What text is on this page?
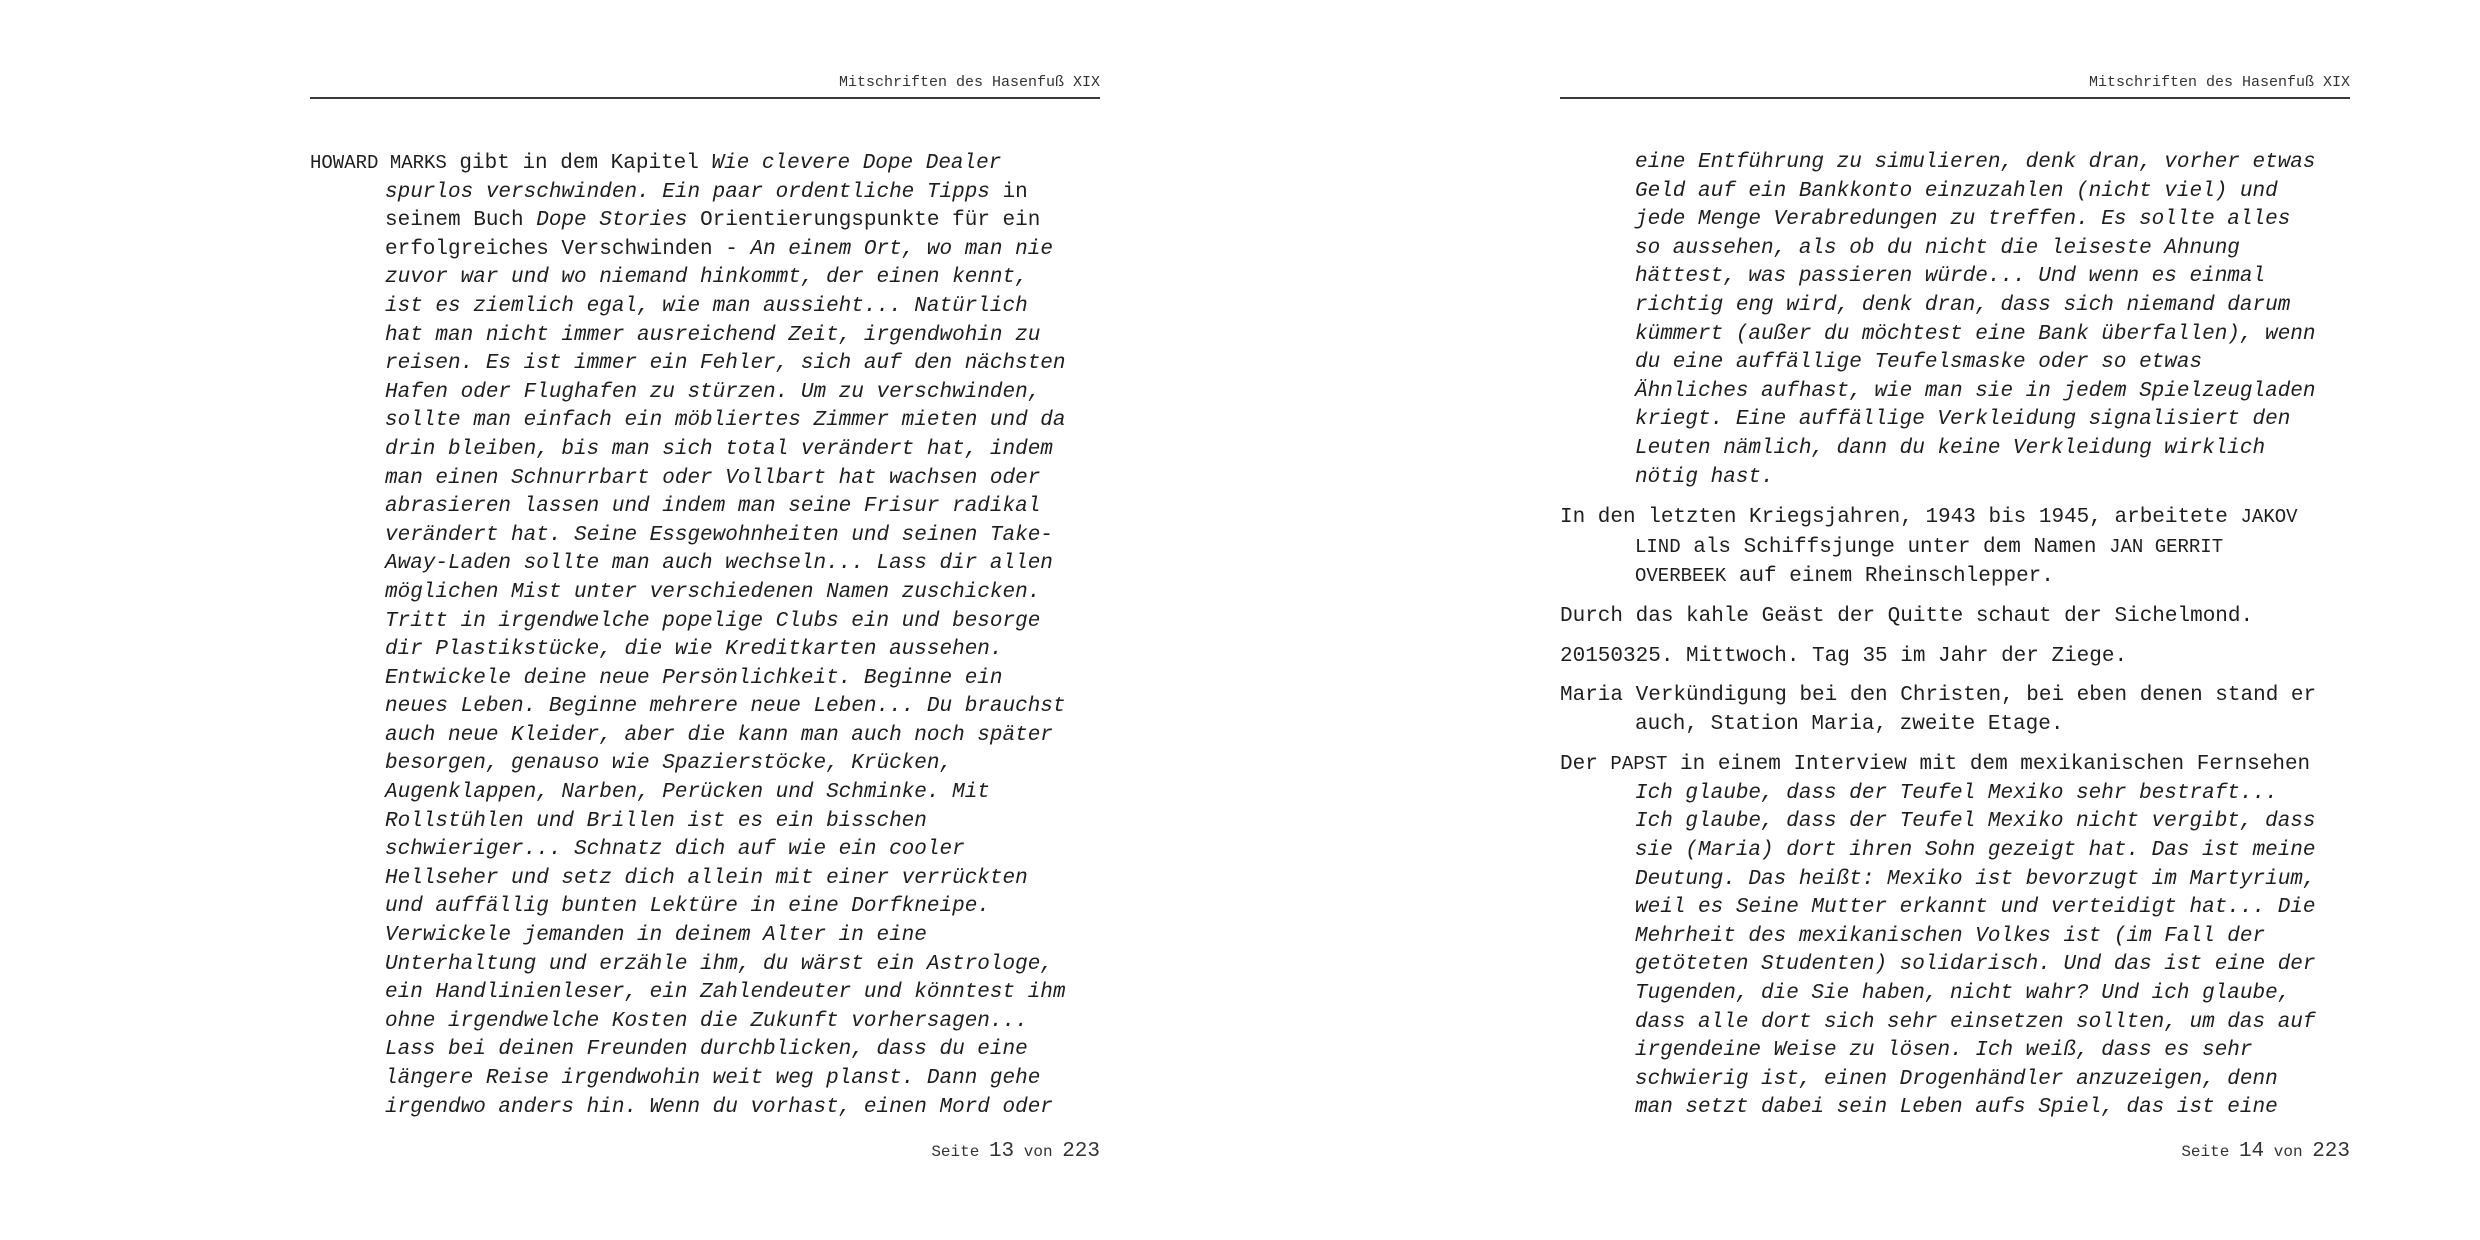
Mitschriften des Hasenfuß XIX

HOWARD MARKS gibt in dem Kapitel Wie clevere Dope Dealer
spurlos verschwinden. Ein paar ordentliche Tipps in
seinem Buch Dope Stories Orientierungspunkte für ein
erfolgreiches Verschwinden - An einem Ort, wo man nie
zuvor war und wo niemand hinkommt, der einen kennt,
ist es ziemlich egal, wie man aussieht... Natürlich
hat man nicht immer ausreichend Zeit, irgendwohin zu
reisen. Es ist immer ein Fehler, sich auf den nächsten
Hafen oder Flughafen zu stürzen. Um zu verschwinden,
sollte man einfach ein möbliertes Zimmer mieten und da
drin bleiben, bis man sich total verändert hat, indem
man einen Schnurrbart oder Vollbart hat wachsen oder
abrasieren lassen und indem man seine Frisur radikal
verändert hat. Seine Essgewohnheiten und seinen Take-
Away-Laden sollte man auch wechseln... Lass dir allen
möglichen Mist unter verschiedenen Namen zuschicken.
Tritt in irgendwelche popelige Clubs ein und besorge
dir Plastikstücke, die wie Kreditkarten aussehen.
Entwickele deine neue Persönlichkeit. Beginne ein
neues Leben. Beginne mehrere neue Leben... Du brauchst
auch neue Kleider, aber die kann man auch noch später
besorgen, genauso wie Spazierstöcke, Krücken,
Augenklappen, Narben, Perücken und Schminke. Mit
Rollstühlen und Brillen ist es ein bisschen
schwieriger... Schnatz dich auf wie ein cooler
Hellseher und setz dich allein mit einer verrückten
und auffällig bunten Lektüre in eine Dorfkneipe.
Verwickele jemanden in deinem Alter in eine
Unterhaltung und erzähle ihm, du wärst ein Astrologe,
ein Handlinienleser, ein Zahlendeuter und könntest ihm
ohne irgendwelche Kosten die Zukunft vorhersagen...
Lass bei deinen Freunden durchblicken, dass du eine
längere Reise irgendwohin weit weg planst. Dann gehe
irgendwo anders hin. Wenn du vorhast, einen Mord oder

Seite 13 von 223
Mitschriften des Hasenfuß XIX

eine Entführung zu simulieren, denk dran, vorher etwas
Geld auf ein Bankkonto einzuzahlen (nicht viel) und
jede Menge Verabredungen zu treffen. Es sollte alles
so aussehen, als ob du nicht die leiseste Ahnung
hättest, was passieren würde... Und wenn es einmal
richtig eng wird, denk dran, dass sich niemand darum
kümmert (außer du möchtest eine Bank überfallen), wenn
du eine auffällige Teufelsmaske oder so etwas
Ähnliches aufhast, wie man sie in jedem Spielzeugladen
kriegt. Eine auffällige Verkleidung signalisiert den
Leuten nämlich, dann du keine Verkleidung wirklich
nötig hast.

In den letzten Kriegsjahren, 1943 bis 1945, arbeitete JAKOV
LIND als Schiffsjunge unter dem Namen JAN GERRIT
OVERBEEK auf einem Rheinschlepper.

Durch das kahle Geäst der Quitte schaut der Sichelmond.

20150325. Mittwoch. Tag 35 im Jahr der Ziege.

Maria Verkündigung bei den Christen, bei eben denen stand er
auch, Station Maria, zweite Etage.

Der PAPST in einem Interview mit dem mexikanischen Fernsehen
Ich glaube, dass der Teufel Mexiko sehr bestraft...
Ich glaube, dass der Teufel Mexiko nicht vergibt, dass
sie (Maria) dort ihren Sohn gezeigt hat. Das ist meine
Deutung. Das heißt: Mexiko ist bevorzugt im Martyrium,
weil es Seine Mutter erkannt und verteidigt hat... Die
Mehrheit des mexikanischen Volkes ist (im Fall der
getöteten Studenten) solidarisch. Und das ist eine der
Tugenden, die Sie haben, nicht wahr? Und ich glaube,
dass alle dort sich sehr einsetzen sollten, um das auf
irgendeine Weise zu lösen. Ich weiß, dass es sehr
schwierig ist, einen Drogenhändler anzuzeigen, denn
man setzt dabei sein Leben aufs Spiel, das ist eine

Seite 14 von 223
